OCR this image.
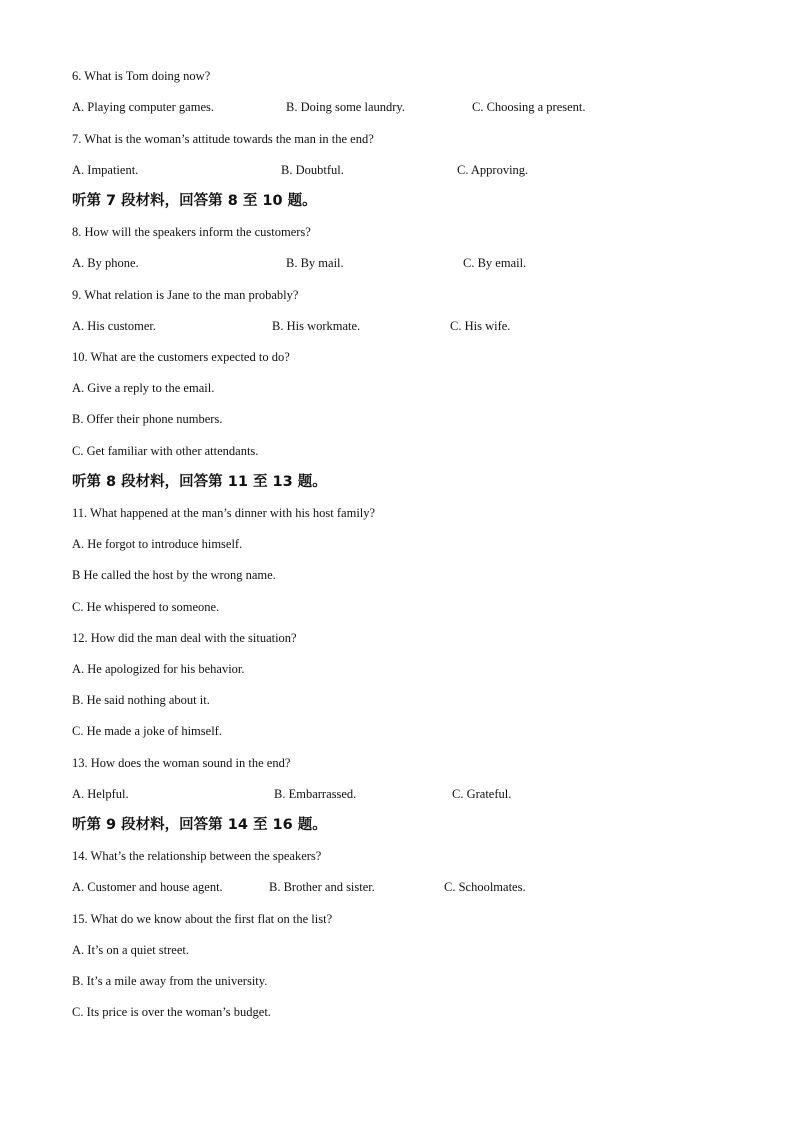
6. What is Tom doing now?
A. Playing computer games.	B. Doing some laundry.	C. Choosing a present.
7. What is the woman’s attitude towards the man in the end?
A. Impatient.	B. Doubtful.	C. Approving.
听第 7 段材料，回答第 8 至 10 题。
8. How will the speakers inform the customers?
A. By phone.	B. By mail.	C. By email.
9. What relation is Jane to the man probably?
A. His customer.	B. His workmate.	C. His wife.
10. What are the customers expected to do?
A. Give a reply to the email.
B. Offer their phone numbers.
C. Get familiar with other attendants.
听第 8 段材料，回答第 11 至 13 题。
11. What happened at the man’s dinner with his host family?
A. He forgot to introduce himself.
B He called the host by the wrong name.
C. He whispered to someone.
12. How did the man deal with the situation?
A. He apologized for his behavior.
B. He said nothing about it.
C. He made a joke of himself.
13. How does the woman sound in the end?
A. Helpful.	B. Embarrassed.	C. Grateful.
听第 9 段材料，回答第 14 至 16 题。
14. What’s the relationship between the speakers?
A. Customer and house agent.	B. Brother and sister.	C. Schoolmates.
15. What do we know about the first flat on the list?
A. It’s on a quiet street.
B. It’s a mile away from the university.
C. Its price is over the woman’s budget.
